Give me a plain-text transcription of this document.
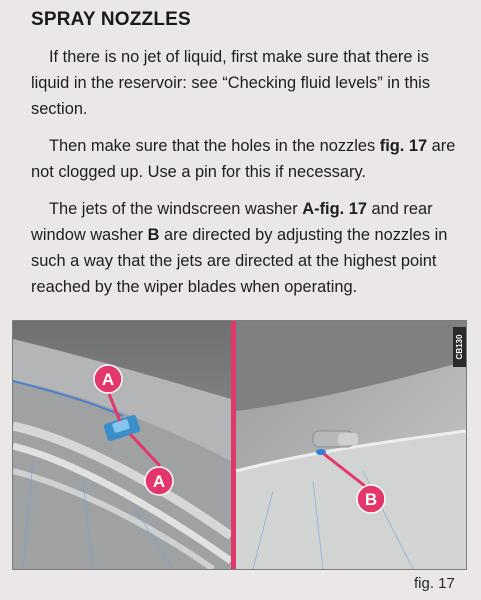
SPRAY NOZZLES

If there is no jet of liquid, first make sure that there is liquid in the reservoir: see “Checking fluid levels” in this section.

Then make sure that the holes in the nozzles fig. 17 are not clogged up. Use a pin for this if necessary.

The jets of the windscreen washer A-fig. 17 and rear window washer B are directed by adjusting the nozzles in such a way that the jets are directed at the highest point reached by the wiper blades when operating.

A
A
B
CB130
fig. 17
